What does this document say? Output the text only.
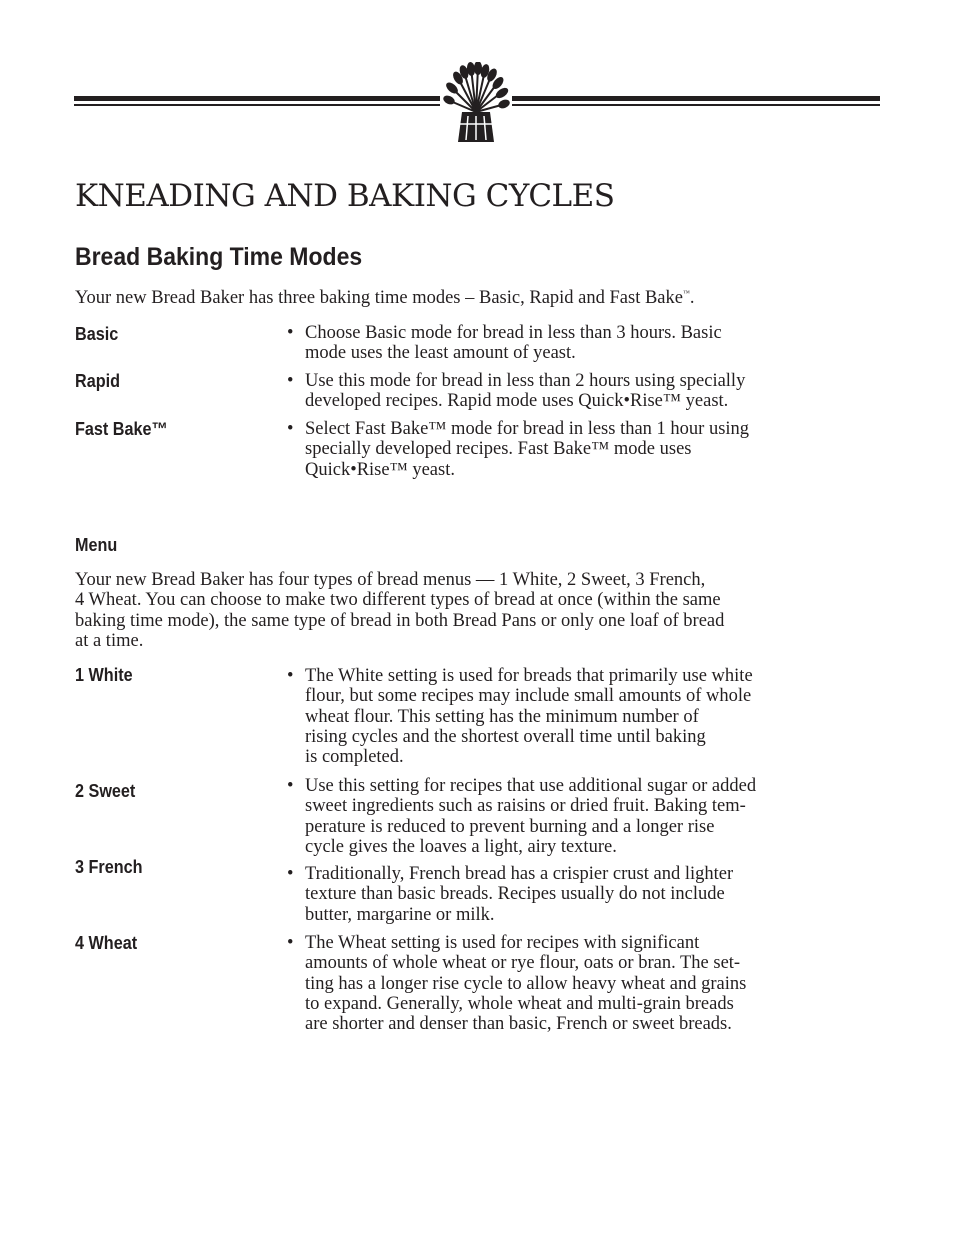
KNEADING AND BAKING CYCLES
Bread Baking Time Modes

Your new Bread Baker has three baking time modes – Basic, Rapid and Fast Bake™.

Basic	• Choose Basic mode for bread in less than 3 hours. Basic
mode uses the least amount of yeast.
Rapid	• Use this mode for bread in less than 2 hours using specially
developed recipes. Rapid mode uses Quick•Rise™ yeast.
Fast Bake™	• Select Fast Bake™ mode for bread in less than 1 hour using
specially developed recipes. Fast Bake™ mode uses
Quick•Rise™ yeast.
Menu

Your new Bread Baker has four types of bread menus — 1 White, 2 Sweet, 3 French,
4 Wheat. You can choose to make two different types of bread at once (within the same
baking time mode), the same type of bread in both Bread Pans or only one loaf of bread
at a time.

1 White	• The White setting is used for breads that primarily use white
flour, but some recipes may include small amounts of whole
wheat flour. This setting has the minimum number of
rising cycles and the shortest overall time until baking
is completed.
2 Sweet	• Use this setting for recipes that use additional sugar or added
sweet ingredients such as raisins or dried fruit. Baking tem-
perature is reduced to prevent burning and a longer rise
cycle gives the loaves a light, airy texture.
3 French	• Traditionally, French bread has a crispier crust and lighter
texture than basic breads. Recipes usually do not include
butter, margarine or milk.
4 Wheat	• The Wheat setting is used for recipes with significant
amounts of whole wheat or rye flour, oats or bran. The set-
ting has a longer rise cycle to allow heavy wheat and grains
to expand. Generally, whole wheat and multi-grain breads
are shorter and denser than basic, French or sweet breads.
